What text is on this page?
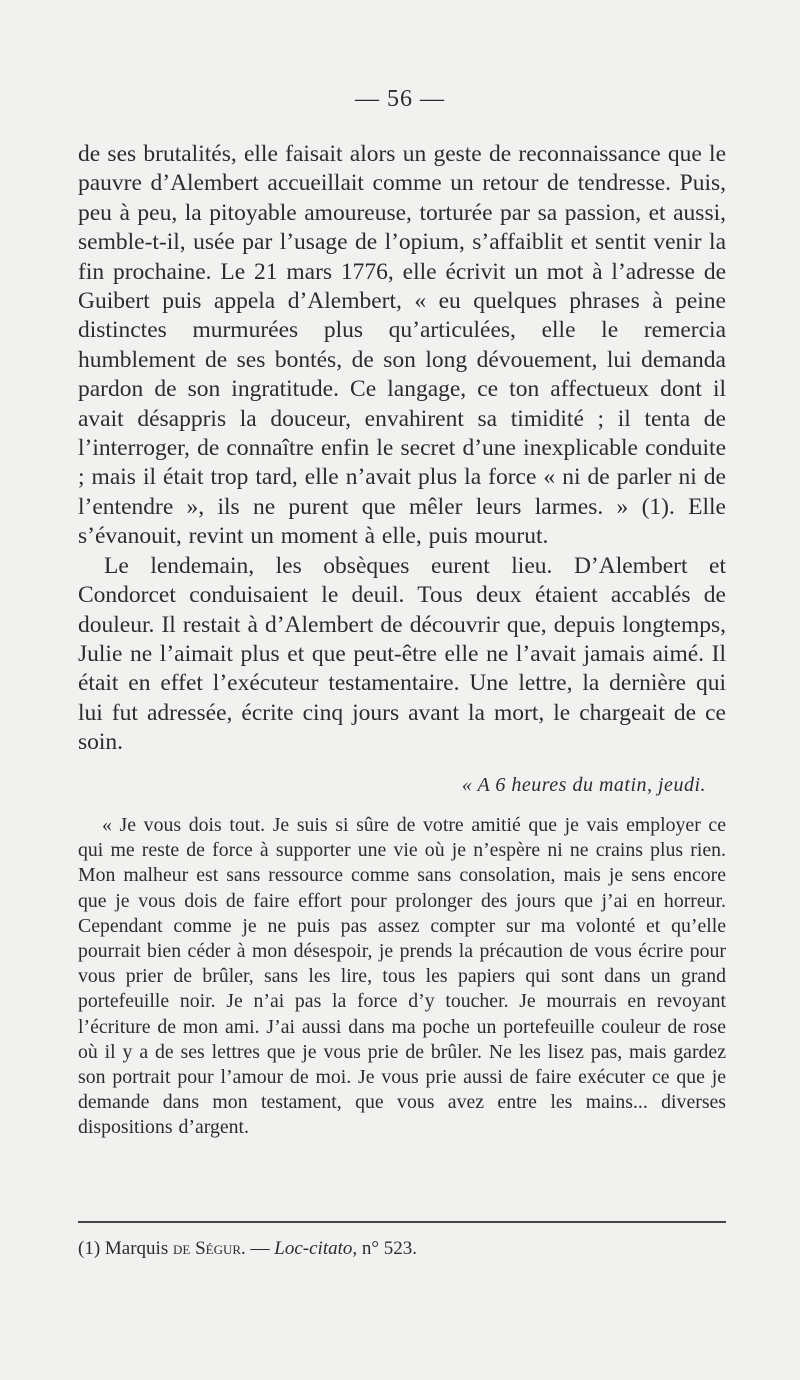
— 56 —

de ses brutalités, elle faisait alors un geste de reconnaissance que le pauvre d’Alembert accueillait comme un retour de tendresse. Puis, peu à peu, la pitoyable amoureuse, torturée par sa passion, et aussi, semble-t-il, usée par l’usage de l’opium, s’affaiblit et sentit venir la fin prochaine. Le 21 mars 1776, elle écrivit un mot à l’adresse de Guibert puis appela d’Alembert, « eu quelques phrases à peine distinctes murmurées plus qu’articulées, elle le remercia humblement de ses bontés, de son long dévouement, lui demanda pardon de son ingratitude. Ce langage, ce ton affectueux dont il avait désappris la douceur, envahirent sa timidité ; il tenta de l’interroger, de connaître enfin le secret d’une inexplicable conduite ; mais il était trop tard, elle n’avait plus la force « ni de parler ni de l’entendre », ils ne purent que mêler leurs larmes. » (1). Elle s’évanouit, revint un moment à elle, puis mourut.

Le lendemain, les obsèques eurent lieu. D’Alembert et Condorcet conduisaient le deuil. Tous deux étaient accablés de douleur. Il restait à d’Alembert de découvrir que, depuis longtemps, Julie ne l’aimait plus et que peut-être elle ne l’avait jamais aimé. Il était en effet l’exécuteur testamentaire. Une lettre, la dernière qui lui fut adressée, écrite cinq jours avant la mort, le chargeait de ce soin.

« A 6 heures du matin, jeudi.

« Je vous dois tout. Je suis si sûre de votre amitié que je vais employer ce qui me reste de force à supporter une vie où je n’espère ni ne crains plus rien. Mon malheur est sans ressource comme sans consolation, mais je sens encore que je vous dois de faire effort pour prolonger des jours que j’ai en horreur. Cependant comme je ne puis pas assez compter sur ma volonté et qu’elle pourrait bien céder à mon désespoir, je prends la précaution de vous écrire pour vous prier de brûler, sans les lire, tous les papiers qui sont dans un grand portefeuille noir. Je n’ai pas la force d’y toucher. Je mourrais en revoyant l’écriture de mon ami. J’ai aussi dans ma poche un portefeuille couleur de rose où il y a de ses lettres que je vous prie de brûler. Ne les lisez pas, mais gardez son portrait pour l’amour de moi. Je vous prie aussi de faire exécuter ce que je demande dans mon testament, que vous avez entre les mains... diverses dispositions d’argent.

(1) Marquis de Ségur. — Loc-citato, n° 523.
